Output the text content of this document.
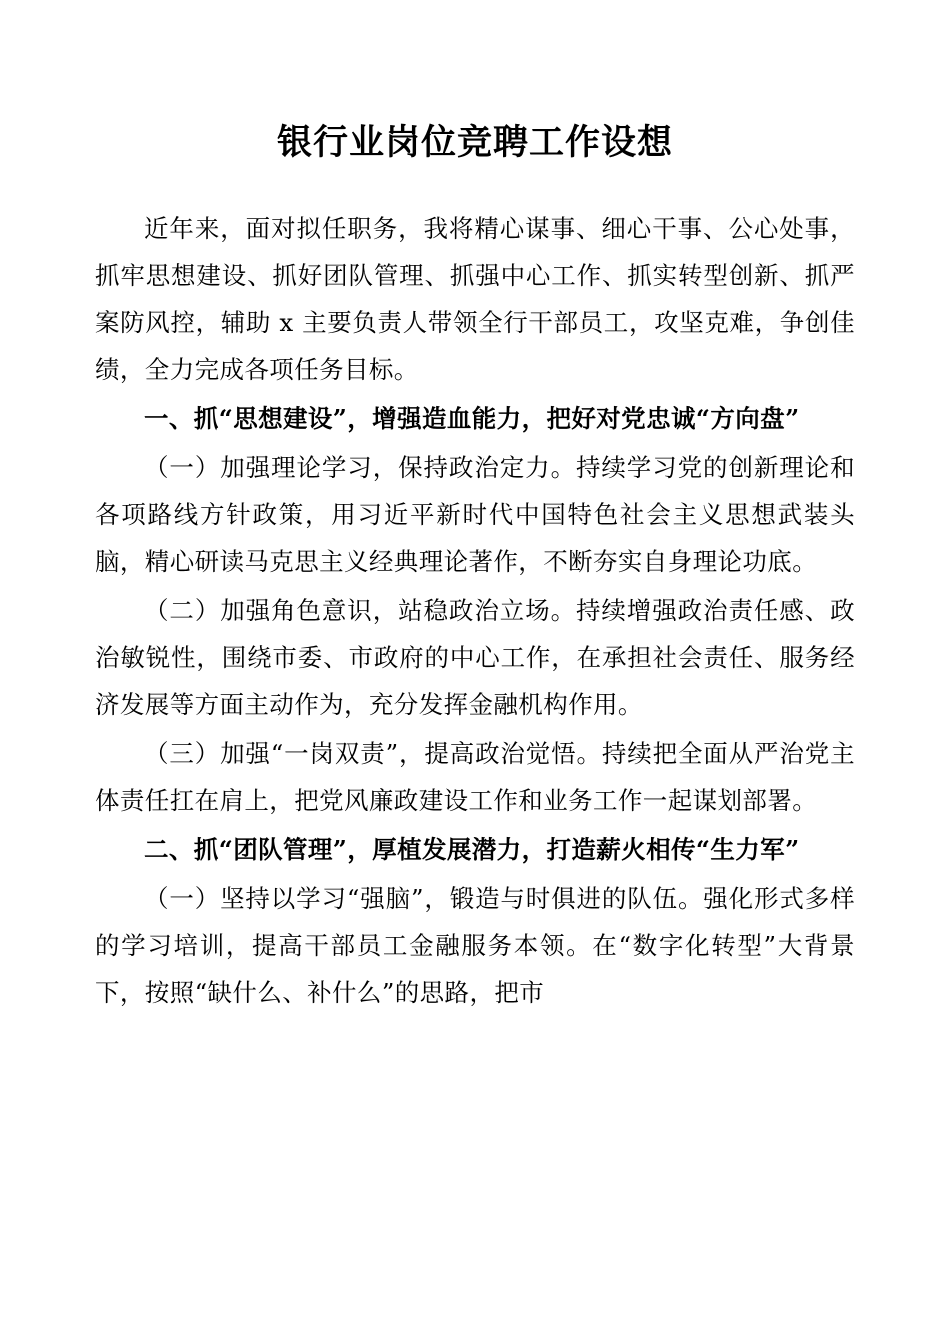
银行业岗位竞聘工作设想

近年来，面对拟任职务，我将精心谋事、细心干事、公心处事，抓牢思想建设、抓好团队管理、抓强中心工作、抓实转型创新、抓严案防风控，辅助 x 主要负责人带领全行干部员工，攻坚克难，争创佳绩，全力完成各项任务目标。

一、抓“思想建设”，增强造血能力，把好对党忠诚“方向盘”

（一）加强理论学习，保持政治定力。持续学习党的创新理论和各项路线方针政策，用习近平新时代中国特色社会主义思想武装头脑，精心研读马克思主义经典理论著作，不断夯实自身理论功底。

（二）加强角色意识，站稳政治立场。持续增强政治责任感、政治敏锐性，围绕市委、市政府的中心工作，在承担社会责任、服务经济发展等方面主动作为，充分发挥金融机构作用。

（三）加强“一岗双责”，提高政治觉悟。持续把全面从严治党主体责任扛在肩上，把党风廉政建设工作和业务工作一起谋划部署。

二、抓“团队管理”，厚植发展潜力，打造薪火相传“生力军”

（一）坚持以学习“强脑”，锻造与时俱进的队伍。强化形式多样的学习培训，提高干部员工金融服务本领。在“数字化转型”大背景下，按照“缺什么、补什么”的思路，把市
